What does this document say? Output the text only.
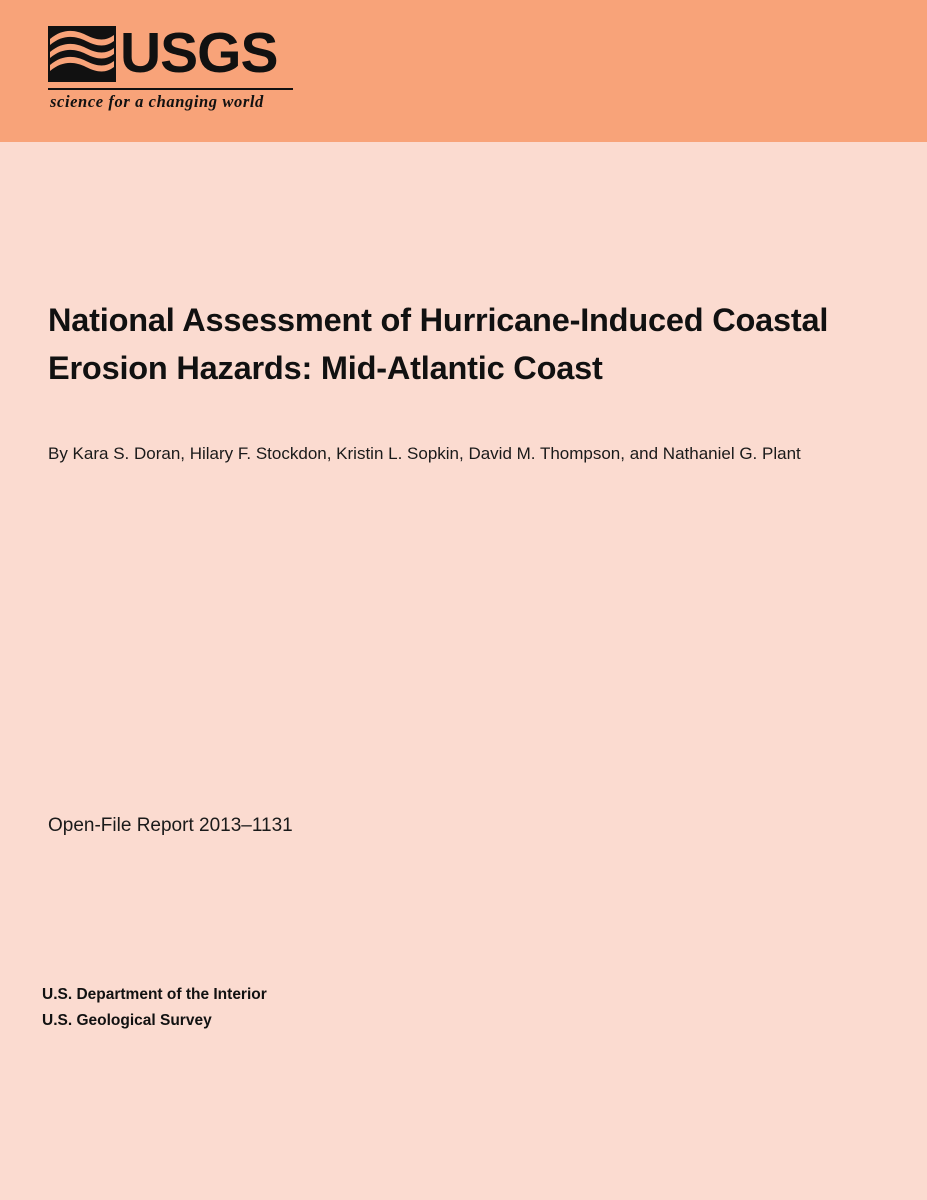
USGS
science for a changing world
National Assessment of Hurricane-Induced Coastal Erosion Hazards: Mid-Atlantic Coast
By Kara S. Doran, Hilary F. Stockdon, Kristin L. Sopkin, David M. Thompson, and Nathaniel G. Plant
Open-File Report 2013–1131
U.S. Department of the Interior
U.S. Geological Survey
